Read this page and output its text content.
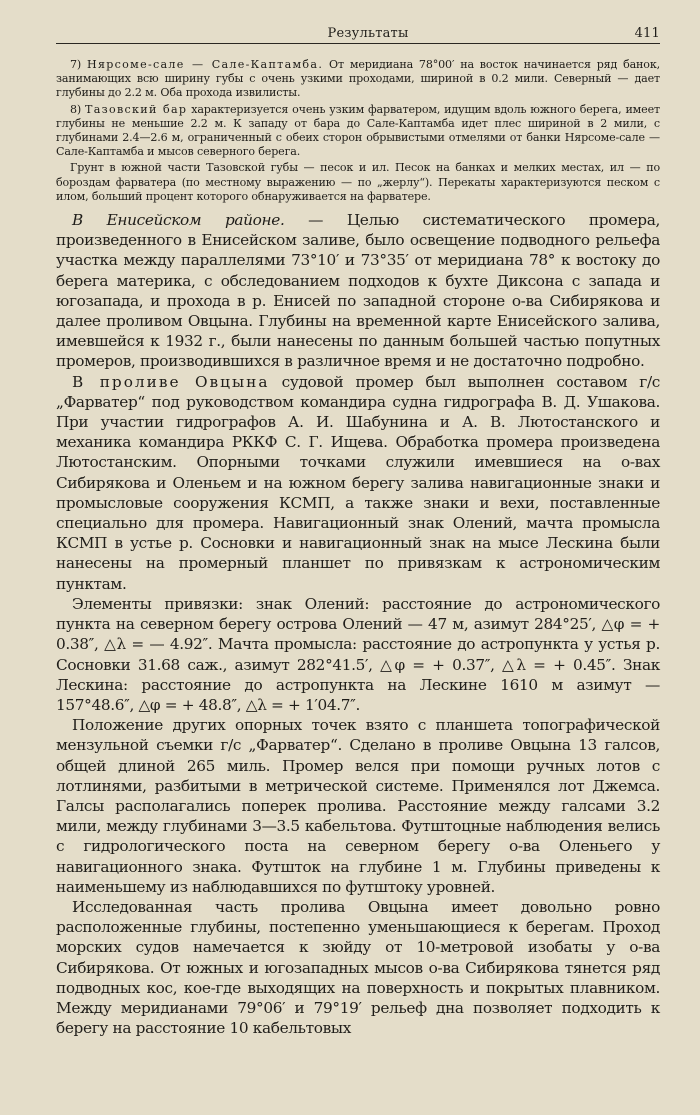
Результаты	411

7) Нярсоме-сале — Сале-Каптамба. От меридиана 78°00′ на восток начинается ряд банок, занимающих всю ширину губы с очень узкими проходами, шириной в 0.2 мили. Северный — дает глубины до 2.2 м. Оба прохода извилисты.

8) Тазовский бар характеризуется очень узким фарватером, идущим вдоль южного берега, имеет глубины не меньшие 2.2 м. К западу от бара до Сале-Каптамба идет плес шириной в 2 мили, с глубинами 2.4—2.6 м, ограниченный с обеих сторон обрывистыми отмелями от банки Нярсоме-сале — Сале-Каптамба и мысов северного берега.

Грунт в южной части Тазовской губы — песок и ил. Песок на банках и мелких местах, ил — по бороздам фарватера (по местному выражению — по „жерлу“). Перекаты характеризуются песком с илом, больший процент которого обнаруживается на фарватере.

В Енисейском районе. — Целью систематического промера, произведенного в Енисейском заливе, было освещение подводного рельефа участка между параллелями 73°10′ и 73°35′ от меридиана 78° к востоку до берега материка, с обследованием подходов к бухте Диксона с запада и югозапада, и прохода в р. Енисей по западной стороне о-ва Сибирякова и далее проливом Овцына. Глубины на временной карте Енисейского залива, имевшейся к 1932 г., были нанесены по данным большей частью попутных промеров, производившихся в различное время и не достаточно подробно.

В проливе Овцына судовой промер был выполнен составом г/с „Фарватер“ под руководством командира судна гидрографа В. Д. Ушакова. При участии гидрографов А. И. Шабунина и А. В. Лютостанского и механика командира РККФ С. Г. Ищева. Обработка промера произведена Лютостанским. Опорными точками служили имевшиеся на о-вах Сибирякова и Оленьем и на южном берегу залива навигационные знаки и промысловые сооружения КСМП, а также знаки и вехи, поставленные специально для промера. Навигационный знак Олений, мачта промысла КСМП в устье р. Сосновки и навигационный знак на мысе Лескина были нанесены на промерный планшет по привязкам к астрономическим пунктам.

Элементы привязки: знак Олений: расстояние до астрономического пункта на северном берегу острова Олений — 47 м, азимут 284°25′, △φ = + 0.38″, △λ = — 4.92″. Мачта промысла: расстояние до астропункта у устья р. Сосновки 31.68 саж., азимут 282°41.5′, △φ = + 0.37″, △λ = + 0.45″. Знак Лескина: расстояние до астропункта на Лескине 1610 м азимут — 157°48.6″, △φ = + 48.8″, △λ = + 1′04.7″.

Положение других опорных точек взято с планшета топографической мензульной съемки г/с „Фарватер“. Сделано в проливе Овцына 13 галсов, общей длиной 265 миль. Промер велся при помощи ручных лотов с лотлинями, разбитыми в метрической системе. Применялся лот Джемса. Галсы располагались поперек пролива. Расстояние между галсами 3.2 мили, между глубинами 3—3.5 кабельтова. Футштоцные наблюдения велись с гидрологического поста на северном берегу о-ва Оленьего у навигационного знака. Футшток на глубине 1 м. Глубины приведены к наименьшему из наблюдавшихся по футштоку уровней.

Исследованная часть пролива Овцына имеет довольно ровно расположенные глубины, постепенно уменьшающиеся к берегам. Проход морских судов намечается к зюйду от 10-метровой изобаты у о-ва Сибирякова. От южных и югозападных мысов о-ва Сибирякова тянется ряд подводных кос, кое-где выходящих на поверхность и покрытых плавником. Между меридианами 79°06′ и 79°19′ рельеф дна позволяет подходить к берегу на расстояние 10 кабельтовых
